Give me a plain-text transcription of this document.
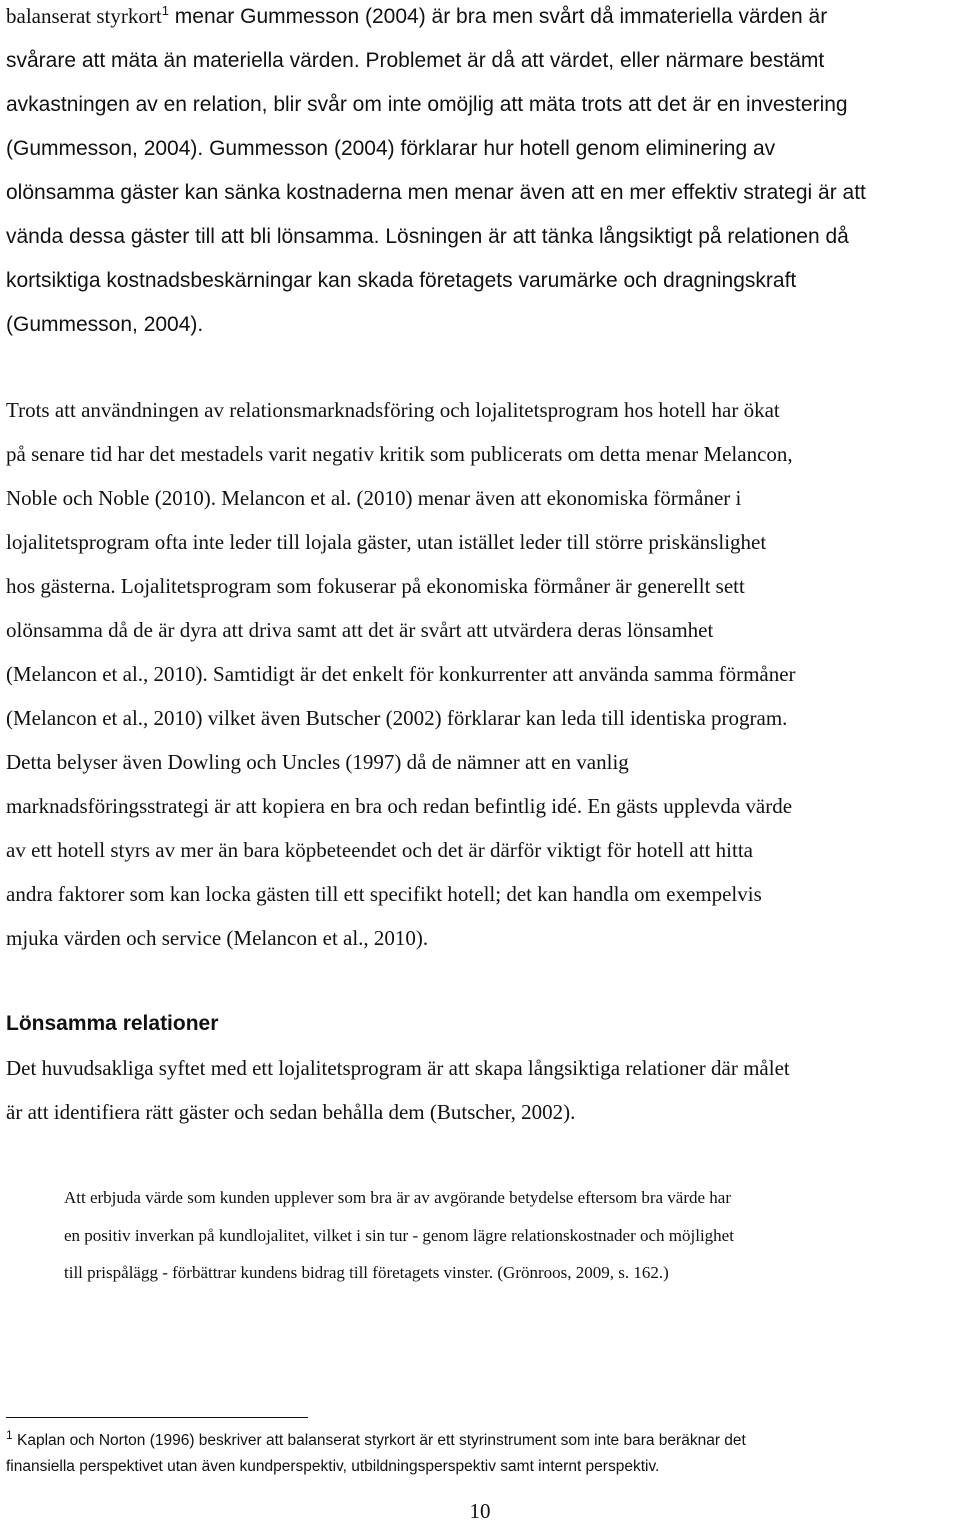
balanserat styrkort$^1$ menar Gummesson (2004) är bra men svårt då immateriella värden är
svårare att mäta än materiella värden. Problemet är då att värdet, eller närmare bestämt
avkastningen av en relation, blir svår om inte omöjlig att mäta trots att det är en investering
(Gummesson, 2004). Gummesson (2004) förklarar hur hotell genom eliminering av
olönsamma gäster kan sänka kostnaderna men menar även att en mer effektiv strategi är att
vända dessa gäster till att bli lönsamma. Lösningen är att tänka långsiktigt på relationen då
kortsiktiga kostnadsbeskärningar kan skada företagets varumärke och dragningskraft
(Gummesson, 2004).
Trots att användningen av relationsmarknadsföring och lojalitetsprogram hos hotell har ökat
på senare tid har det mestadels varit negativ kritik som publicerats om detta menar Melancon,
Noble och Noble (2010). Melancon et al. (2010) menar även att ekonomiska förmåner i
lojalitetsprogram ofta inte leder till lojala gäster, utan istället leder till större priskänslighet
hos gästerna. Lojalitetsprogram som fokuserar på ekonomiska förmåner är generellt sett
olönsamma då de är dyra att driva samt att det är svårt att utvärdera deras lönsamhet
(Melancon et al., 2010). Samtidigt är det enkelt för konkurrenter att använda samma förmåner
(Melancon et al., 2010) vilket även Butscher (2002) förklarar kan leda till identiska program.
Detta belyser även Dowling och Uncles (1997) då de nämner att en vanlig
marknadsföringsstrategi är att kopiera en bra och redan befintlig idé. En gästs upplevda värde
av ett hotell styrs av mer än bara köpbeteendet och det är därför viktigt för hotell att hitta
andra faktorer som kan locka gästen till ett specifikt hotell; det kan handla om exempelvis
mjuka värden och service (Melancon et al., 2010).
Lönsamma relationer
Det huvudsakliga syftet med ett lojalitetsprogram är att skapa långsiktiga relationer där målet
är att identifiera rätt gäster och sedan behålla dem (Butscher, 2002).
Att erbjuda värde som kunden upplever som bra är av avgörande betydelse eftersom bra värde har
en positiv inverkan på kundlojalitet, vilket i sin tur - genom lägre relationskostnader och möjlighet
till prispålägg - förbättrar kundens bidrag till företagets vinster. (Grönroos, 2009, s. 162.)
$^1$ Kaplan och Norton (1996) beskriver att balanserat styrkort är ett styrinstrument som inte bara beräknar det
finansiella perspektivet utan även kundperspektiv, utbildningsperspektiv samt internt perspektiv.
10
